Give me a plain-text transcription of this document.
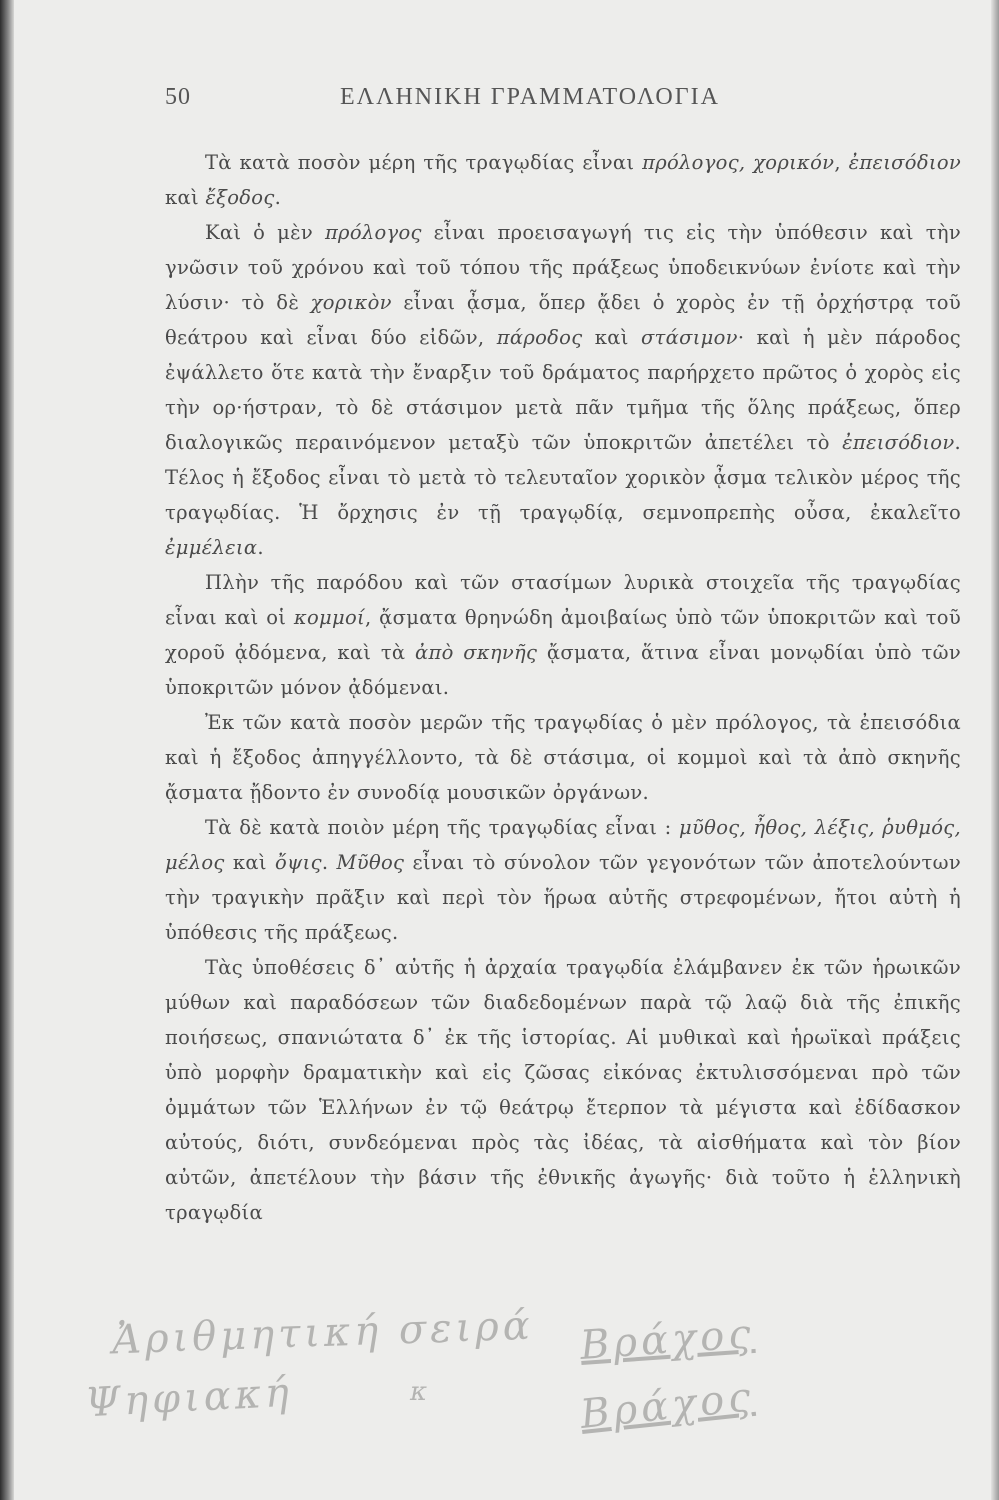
50	ΕΛΛΗΝΙΚΗ ΓΡΑΜΜΑΤΟΛΟΓΙΑ

Τὰ κατὰ ποσὸν μέρη τῆς τραγῳδίας εἶναι πρόλογος, χορικόν, ἐπεισόδιον καὶ ἔξοδος.

Καὶ ὁ μὲν πρόλογος εἶναι προεισαγωγή τις εἰς τὴν ὑπόθεσιν καὶ τὴν γνῶσιν τοῦ χρόνου καὶ τοῦ τόπου τῆς πράξεως ὑποδεικνύων ἐνίοτε καὶ τὴν λύσιν· τὸ δὲ χορικὸν εἶναι ᾆσμα, ὅπερ ᾄδει ὁ χορὸς ἐν τῇ ὀρχήστρᾳ τοῦ θεάτρου καὶ εἶναι δύο εἰδῶν, πάροδος καὶ στάσιμον· καὶ ἡ μὲν πάροδος ἐψάλλετο ὅτε κατὰ τὴν ἔναρξιν τοῦ δράματος παρήρχετο πρῶτος ὁ χορὸς εἰς τὴν ορ·ήστραν, τὸ δὲ στάσιμον μετὰ πᾶν τμῆμα τῆς ὅλης πράξεως, ὅπερ διαλογικῶς περαινόμενον μεταξὺ τῶν ὑποκριτῶν ἀπετέλει τὸ ἐπεισόδιον. Τέλος ἡ ἔξοδος εἶναι τὸ μετὰ τὸ τελευταῖον χορικὸν ᾆσμα τελικὸν μέρος τῆς τραγῳδίας. Ἡ ὄρχησις ἐν τῇ τραγῳδίᾳ, σεμνοπρεπὴς οὖσα, ἐκαλεῖτο ἐμμέλεια.

Πλὴν τῆς παρόδου καὶ τῶν στασίμων λυρικὰ στοιχεῖα τῆς τραγῳδίας εἶναι καὶ οἱ κομμοί, ᾄσματα θρηνώδη ἀμοιβαίως ὑπὸ τῶν ὑποκριτῶν καὶ τοῦ χοροῦ ᾀδόμενα, καὶ τὰ ἀπὸ σκηνῆς ᾄσματα, ἅτινα εἶναι μονῳδίαι ὑπὸ τῶν ὑποκριτῶν μόνον ᾀδόμεναι.

Ἐκ τῶν κατὰ ποσὸν μερῶν τῆς τραγῳδίας ὁ μὲν πρόλογος, τὰ ἐπεισόδια καὶ ἡ ἔξοδος ἀπηγγέλλοντο, τὰ δὲ στάσιμα, οἱ κομμοὶ καὶ τὰ ἀπὸ σκηνῆς ᾄσματα ᾔδοντο ἐν συνοδίᾳ μουσικῶν ὀργάνων.

Τὰ δὲ κατὰ ποιὸν μέρη τῆς τραγῳδίας εἶναι : μῦθος, ἦθος, λέξις, ῥυθμός, μέλος καὶ ὄψις. Μῦθος εἶναι τὸ σύνολον τῶν γεγονότων τῶν ἀποτελούντων τὴν τραγικὴν πρᾶξιν καὶ περὶ τὸν ἥρωα αὐτῆς στρεφομένων, ἤτοι αὐτὴ ἡ ὑπόθεσις τῆς πράξεως.

Τὰς ὑποθέσεις δ᾽ αὐτῆς ἡ ἀρχαία τραγῳδία ἐλάμβανεν ἐκ τῶν ἡρωικῶν μύθων καὶ παραδόσεων τῶν διαδεδομένων παρὰ τῷ λαῷ διὰ τῆς ἐπικῆς ποιήσεως, σπανιώτατα δ᾽ ἐκ τῆς ἱστορίας. Αἱ μυθικαὶ καὶ ἡρωϊκαὶ πράξεις ὑπὸ μορφὴν δραματικὴν καὶ εἰς ζῶσας εἰκόνας ἐκτυλισσόμεναι πρὸ τῶν ὀμμάτων τῶν Ἑλλήνων ἐν τῷ θεάτρῳ ἔτερπον τὰ μέγιστα καὶ ἐδίδασκον αὐτούς, διότι, συνδεόμεναι πρὸς τὰς ἰδέας, τὰ αἰσθήματα καὶ τὸν βίον αὐτῶν, ἀπετέλουν τὴν βάσιν τῆς ἐθνικῆς ἀγωγῆς· διὰ τοῦτο ἡ ἑλληνικὴ τραγῳδία

Ἀριθμητική σειρά
Ψηφιακή
Βράχος
κ	Βράχος
